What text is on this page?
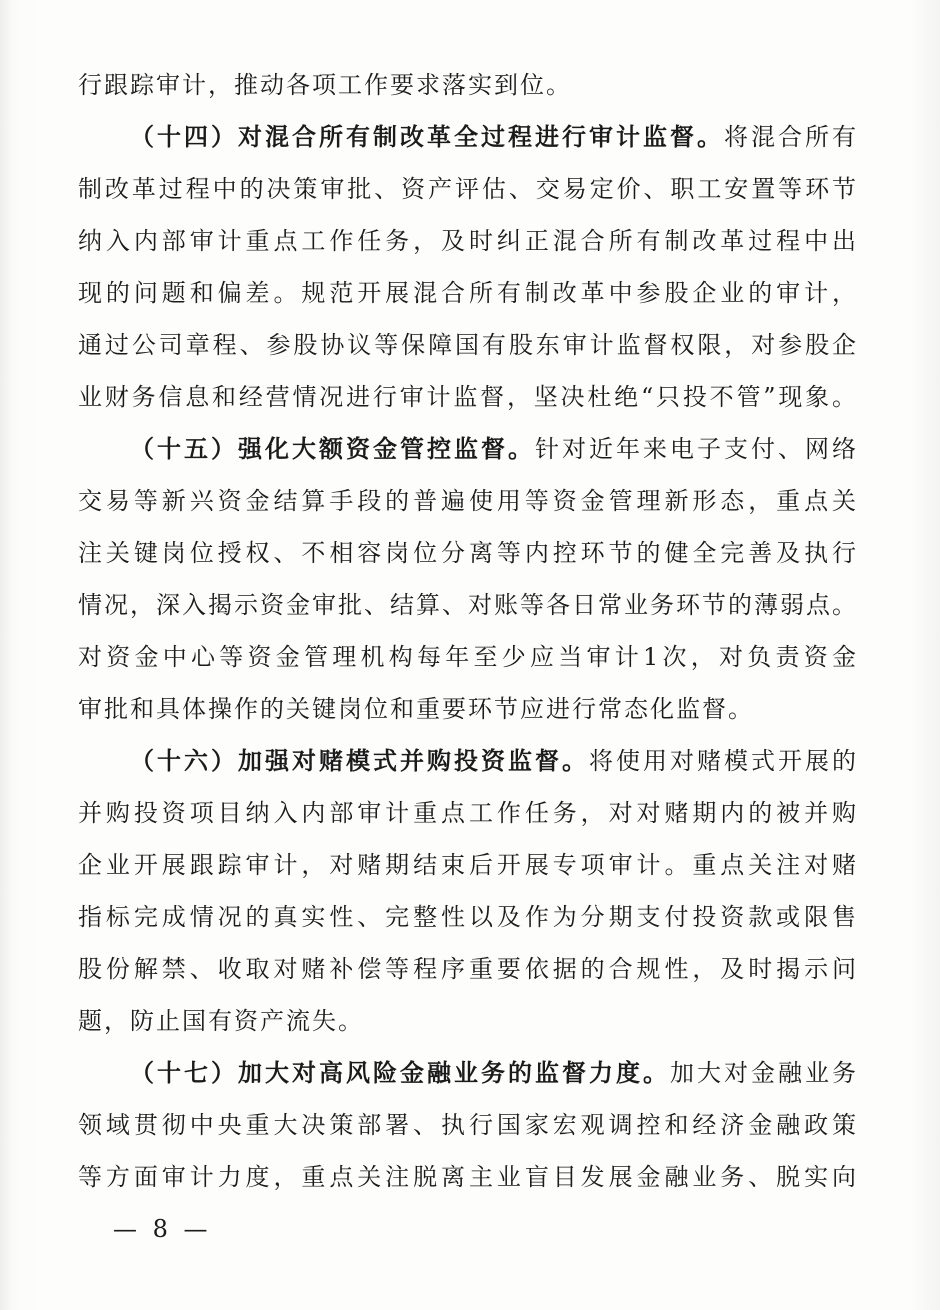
行跟踪审计，推动各项工作要求落实到位。
（十四）对混合所有制改革全过程进行审计监督。将混合所有
制改革过程中的决策审批、资产评估、交易定价、职工安置等环节
纳入内部审计重点工作任务，及时纠正混合所有制改革过程中出
现的问题和偏差。规范开展混合所有制改革中参股企业的审计，
通过公司章程、参股协议等保障国有股东审计监督权限，对参股企
业财务信息和经营情况进行审计监督，坚决杜绝“只投不管”现象。
（十五）强化大额资金管控监督。针对近年来电子支付、网络
交易等新兴资金结算手段的普遍使用等资金管理新形态，重点关
注关键岗位授权、不相容岗位分离等内控环节的健全完善及执行
情况，深入揭示资金审批、结算、对账等各日常业务环节的薄弱点。
对资金中心等资金管理机构每年至少应当审计1次，对负责资金
审批和具体操作的关键岗位和重要环节应进行常态化监督。
（十六）加强对赌模式并购投资监督。将使用对赌模式开展的
并购投资项目纳入内部审计重点工作任务，对对赌期内的被并购
企业开展跟踪审计，对赌期结束后开展专项审计。重点关注对赌
指标完成情况的真实性、完整性以及作为分期支付投资款或限售
股份解禁、收取对赌补偿等程序重要依据的合规性，及时揭示问
题，防止国有资产流失。
（十七）加大对高风险金融业务的监督力度。加大对金融业务
领域贯彻中央重大决策部署、执行国家宏观调控和经济金融政策
等方面审计力度，重点关注脱离主业盲目发展金融业务、脱实向
— 8 —
